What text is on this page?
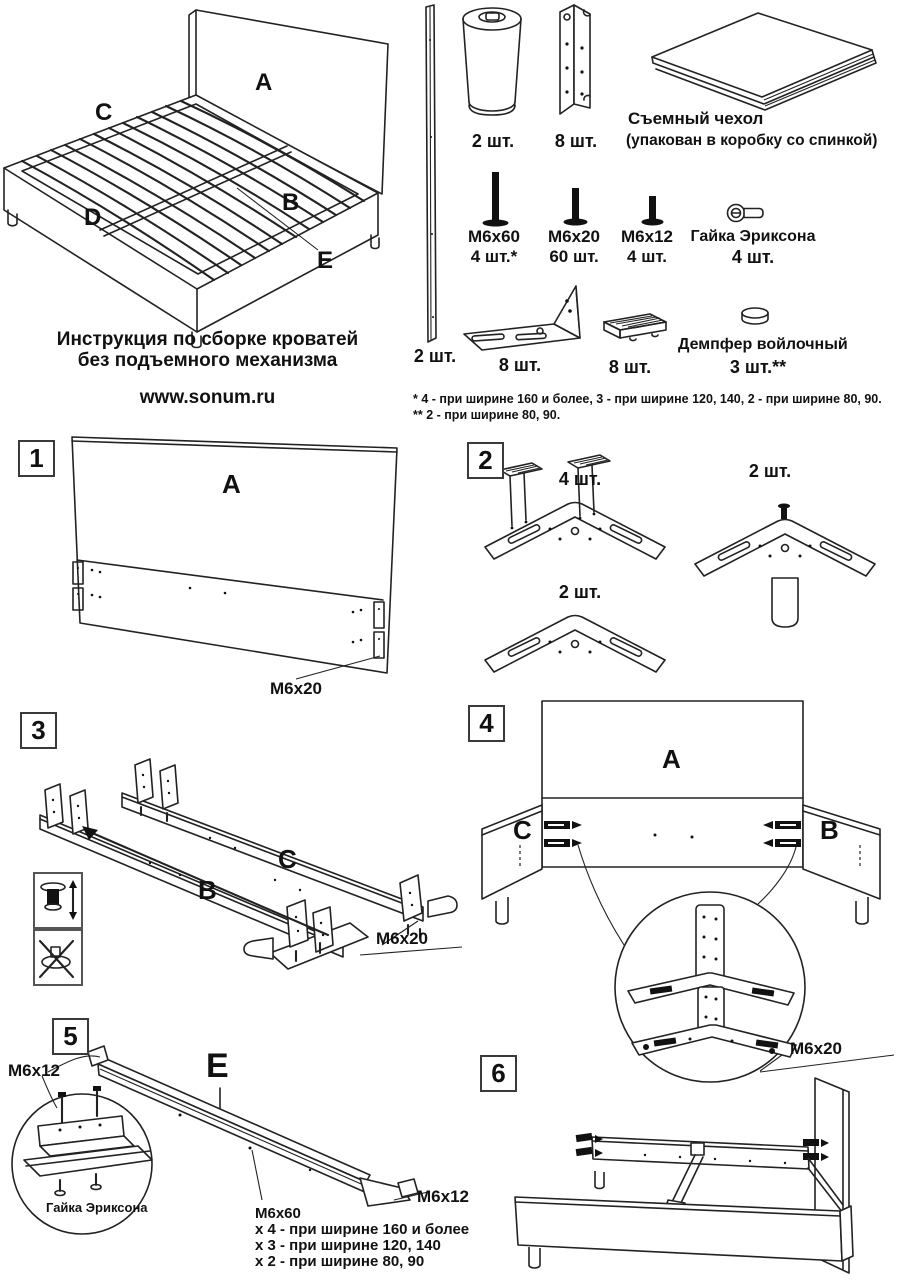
A
C
B
D
E
Инструкция по сборке кроватей
без подъемного механизма
www.sonum.ru
2 шт.
2 шт.	8 шт.
Съемный чехол
(упакован в коробку со спинкой)
M6x60
4 шт.*
M6x20
60 шт.
M6x12
4 шт.
Гайка Эриксона
4 шт.
8 шт.	8 шт.
Демпфер войлочный
3 шт.**
* 4 - при ширине 160 и более, 3 - при ширине 120, 140, 2 - при ширине 80, 90.
** 2 - при ширине 80, 90.
1
A
M6x20
2
4 шт.	2 шт.
2 шт.
3
B
C
M6x20
4
A
C	B
M6x20
5
E
M6x12
M6x12
Гайка Эриксона	M6x60
x 4 - при ширине 160 и более
x 3 - при ширине 120, 140
x 2 - при ширине 80, 90
6
